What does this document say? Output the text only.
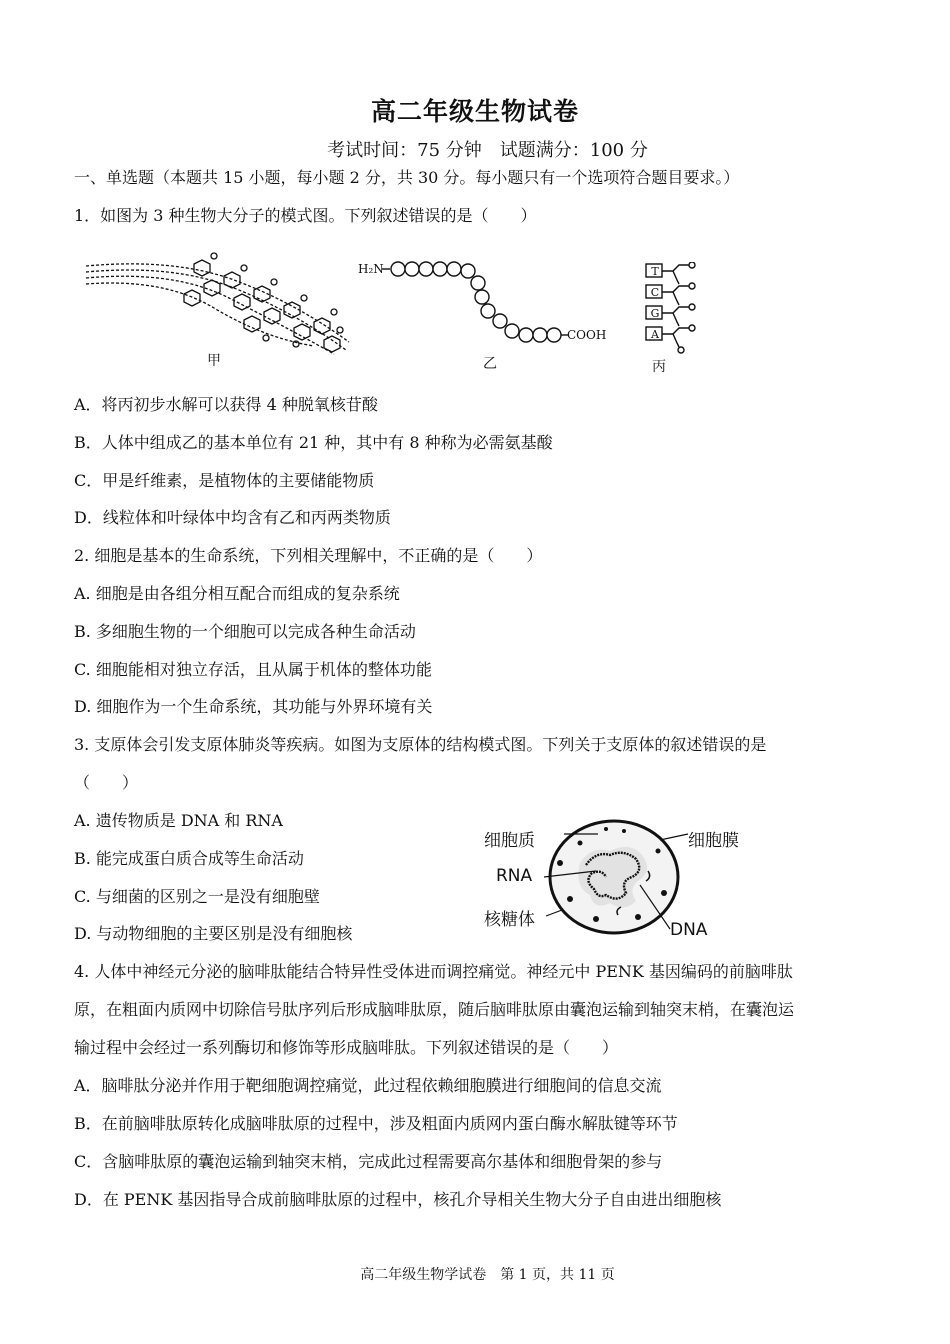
高二年级生物试卷
考试时间：75 分钟　试题满分：100 分
一、单选题（本题共 15 小题，每小题 2 分，共 30 分。每小题只有一个选项符合题目要求。）
1．如图为 3 种生物大分子的模式图。下列叙述错误的是（　　）
甲
H₂N
COOH
乙
T
C
G
A
丙
A．将丙初步水解可以获得 4 种脱氧核苷酸
B．人体中组成乙的基本单位有 21 种，其中有 8 种称为必需氨基酸
C．甲是纤维素，是植物体的主要储能物质
D．线粒体和叶绿体中均含有乙和丙两类物质
2. 细胞是基本的生命系统，下列相关理解中，不正确的是（　　）
A. 细胞是由各组分相互配合而组成的复杂系统
B. 多细胞生物的一个细胞可以完成各种生命活动
C. 细胞能相对独立存活，且从属于机体的整体功能
D. 细胞作为一个生命系统，其功能与外界环境有关
3. 支原体会引发支原体肺炎等疾病。如图为支原体的结构模式图。下列关于支原体的叙述错误的是
（　　）
A. 遗传物质是 DNA 和 RNA
B. 能完成蛋白质合成等生命活动
C. 与细菌的区别之一是没有细胞壁
D. 与动物细胞的主要区别是没有细胞核
细胞质	细胞膜
RNA
核糖体	DNA
4. 人体中神经元分泌的脑啡肽能结合特异性受体进而调控痛觉。神经元中 PENK 基因编码的前脑啡肽
原，在粗面内质网中切除信号肽序列后形成脑啡肽原，随后脑啡肽原由囊泡运输到轴突末梢，在囊泡运
输过程中会经过一系列酶切和修饰等形成脑啡肽。下列叙述错误的是（　　）
A．脑啡肽分泌并作用于靶细胞调控痛觉，此过程依赖细胞膜进行细胞间的信息交流
B．在前脑啡肽原转化成脑啡肽原的过程中，涉及粗面内质网内蛋白酶水解肽键等环节
C．含脑啡肽原的囊泡运输到轴突末梢，完成此过程需要高尔基体和细胞骨架的参与
D．在 PENK 基因指导合成前脑啡肽原的过程中，核孔介导相关生物大分子自由进出细胞核
高二年级生物学试卷　第 1 页，共 11 页
